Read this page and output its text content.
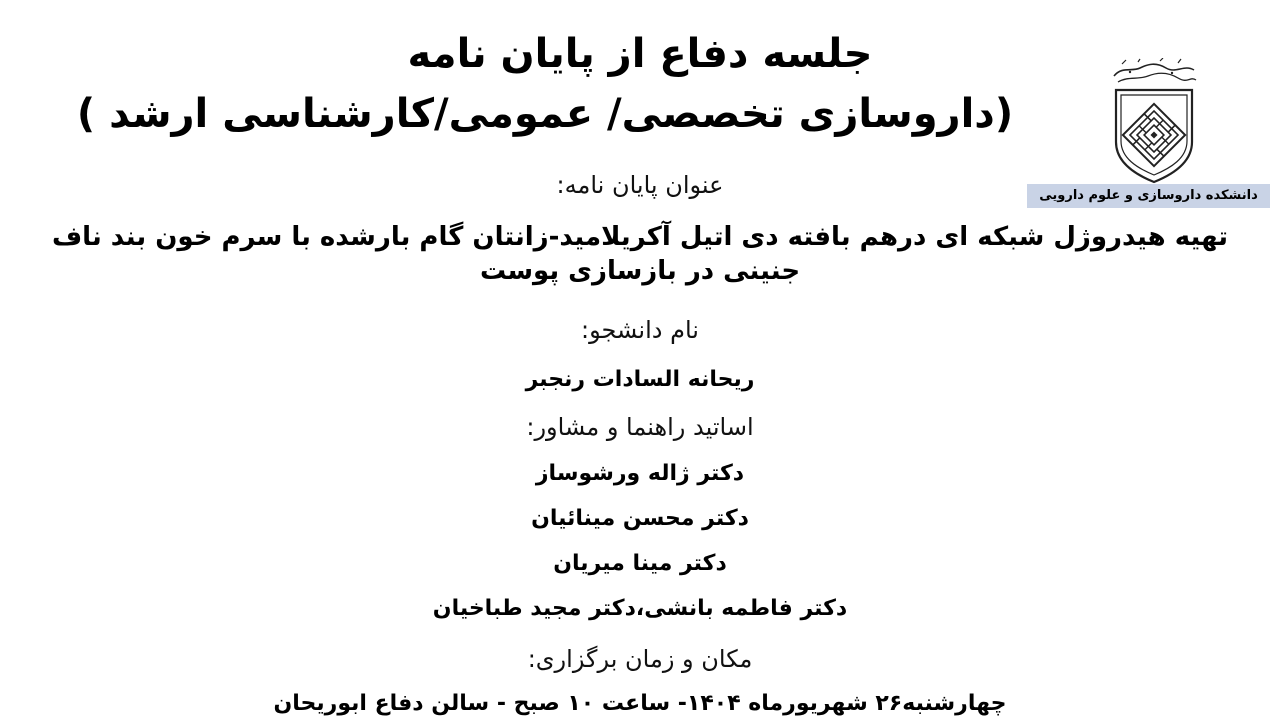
دانشکده داروسازی و علوم دارویی
جلسه دفاع از پایان نامه
(داروسازی تخصصی/ عمومی/کارشناسی ارشد )
عنوان پایان نامه:
تهیه هیدروژل شبکه ای درهم بافته دی اتیل آکریلامید-زانتان گام بارشده با سرم خون بند ناف جنینی در بازسازی پوست
نام دانشجو:
ریحانه السادات رنجبر
اساتید راهنما و مشاور:
دکتر ژاله ورشوساز
دکتر محسن مینائیان
دکتر مینا میریان
دکتر فاطمه بانشی،دکتر مجید طباخیان
مکان و زمان برگزاری:
چهارشنبه۲۶ شهریورماه ۱۴۰۴- ساعت ۱۰ صبح - سالن دفاع ابوریحان
